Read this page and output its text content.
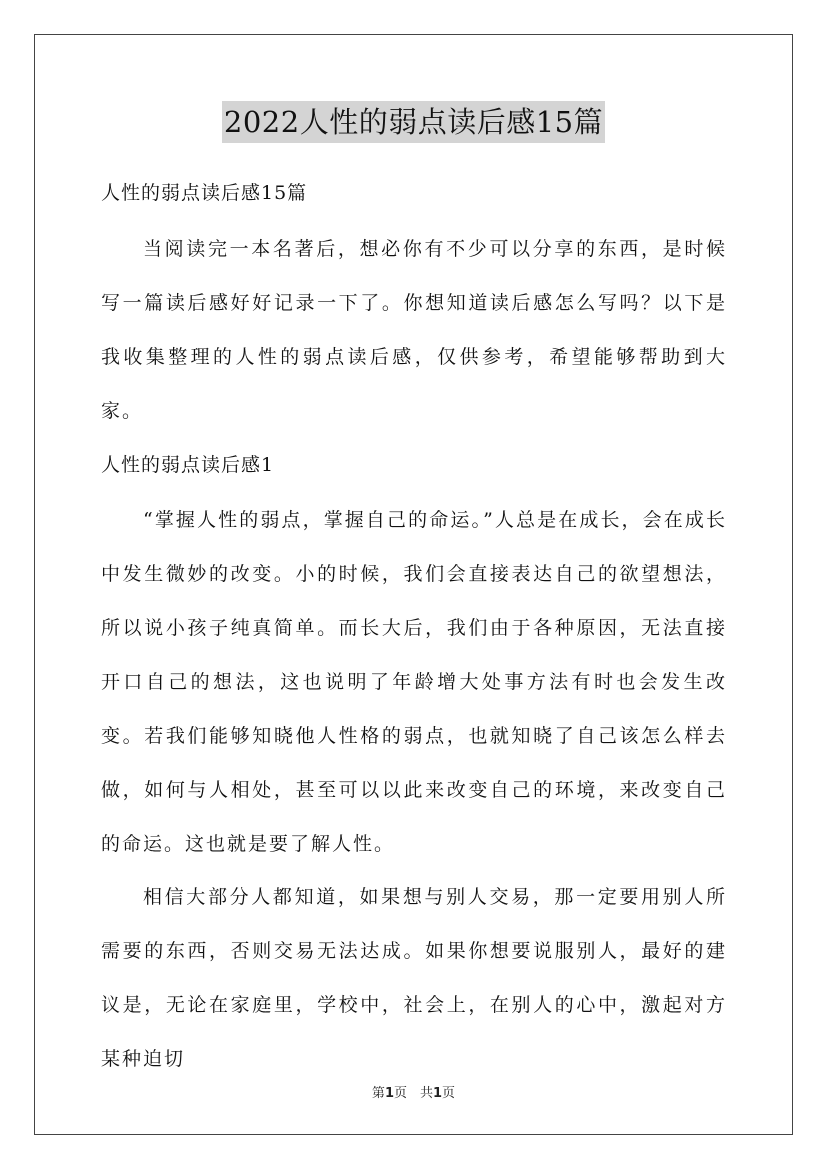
2022人性的弱点读后感15篇
人性的弱点读后感15篇

当阅读完一本名著后，想必你有不少可以分享的东西，是时候写一篇读后感好好记录一下了。你想知道读后感怎么写吗？以下是我收集整理的人性的弱点读后感，仅供参考，希望能够帮助到大家。

人性的弱点读后感1

“掌握人性的弱点，掌握自己的命运。”人总是在成长，会在成长中发生微妙的改变。小的时候，我们会直接表达自己的欲望想法，所以说小孩子纯真简单。而长大后，我们由于各种原因，无法直接开口自己的想法，这也说明了年龄增大处事方法有时也会发生改变。若我们能够知晓他人性格的弱点，也就知晓了自己该怎么样去做，如何与人相处，甚至可以以此来改变自己的环境，来改变自己的命运。这也就是要了解人性。

相信大部分人都知道，如果想与别人交易，那一定要用别人所需要的东西，否则交易无法达成。如果你想要说服别人，最好的建议是，无论在家庭里，学校中，社会上，在别人的心中，激起对方某种迫切

第1页　共1页
